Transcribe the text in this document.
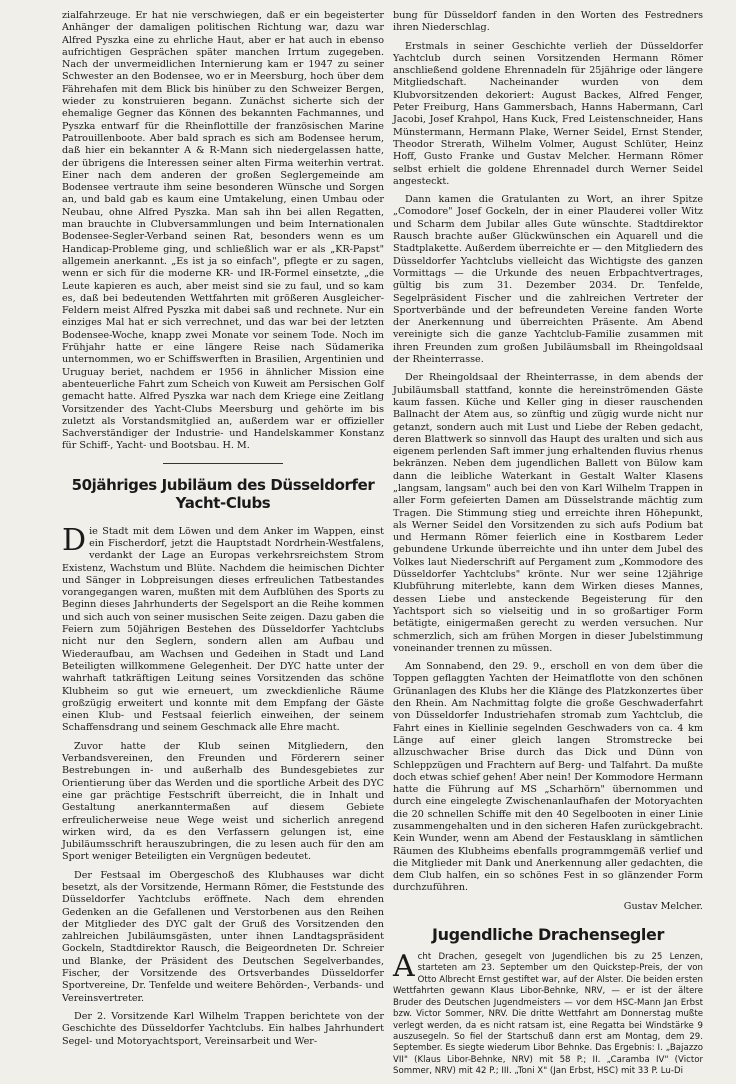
zialfahrzeuge. Er hat nie verschwiegen, daß er ein begeisterter Anhänger der damaligen politischen Richtung war, dazu war Alfred Pyszka eine zu ehrliche Haut, aber er hat auch in ebenso aufrichtigen Gesprächen später manchen Irrtum zugegeben. Nach der unvermeidlichen Internierung kam er 1947 zu seiner Schwester an den Bodensee, wo er in Meersburg, hoch über dem Fährehafen mit dem Blick bis hinüber zu den Schweizer Bergen, wieder zu konstruieren begann. Zunächst sicherte sich der ehemalige Gegner das Können des bekannten Fachmannes, und Pyszka entwarf für die Rheinflottille der französischen Marine Patrouillenboote. Aber bald sprach es sich am Bodensee herum, daß hier ein bekannter A & R-Mann sich niedergelassen hatte, der übrigens die Interessen seiner alten Firma weiterhin vertrat. Einer nach dem anderen der großen Seglergemeinde am Bodensee vertraute ihm seine besonderen Wünsche und Sorgen an, und bald gab es kaum eine Umtakelung, einen Umbau oder Neubau, ohne Alfred Pyszka. Man sah ihn bei allen Regatten, man brauchte in Clubversammlungen und beim Internationalen Bodensee-Segler-Verband seinen Rat, besonders wenn es um Handicap-Probleme ging, und schließlich war er als „KR-Papst" allgemein anerkannt. „Es ist ja so einfach", pflegte er zu sagen, wenn er sich für die moderne KR- und IR-Formel einsetzte, „die Leute kapieren es auch, aber meist sind sie zu faul, und so kam es, daß bei bedeutenden Wettfahrten mit größeren Ausgleicher-Feldern meist Alfred Pyszka mit dabei saß und rechnete. Nur ein einziges Mal hat er sich verrechnet, und das war bei der letzten Bodensee-Woche, knapp zwei Monate vor seinem Tode. Noch im Frühjahr hatte er eine längere Reise nach Südamerika unternommen, wo er Schiffswerften in Brasilien, Argentinien und Uruguay beriet, nachdem er 1956 in ähnlicher Mission eine abenteuerliche Fahrt zum Scheich von Kuweit am Persischen Golf gemacht hatte. Alfred Pyszka war nach dem Kriege eine Zeitlang Vorsitzender des Yacht-Clubs Meersburg und gehörte im bis zuletzt als Vorstandsmitglied an, außerdem war er offizieller Sachverständiger der Industrie- und Handelskammer Konstanz für Schiff-, Yacht- und Bootsbau. H. M.

50jähriges Jubiläum des Düsseldorfer Yacht-Clubs

Die Stadt mit dem Löwen und dem Anker im Wappen, einst ein Fischerdorf, jetzt die Hauptstadt Nordrhein-Westfalens, verdankt der Lage an Europas verkehrsreichstem Strom Existenz, Wachstum und Blüte. Nachdem die heimischen Dichter und Sänger in Lobpreisungen dieses erfreulichen Tatbestandes vorangegangen waren, mußten mit dem Aufblühen des Sports zu Beginn dieses Jahrhunderts der Segelsport an die Reihe kommen und sich auch von seiner musischen Seite zeigen. Dazu gaben die Feiern zum 50jährigen Bestehen des Düsseldorfer Yachtclubs nicht nur den Seglern, sondern allen am Aufbau und Wiederaufbau, am Wachsen und Gedeihen in Stadt und Land Beteiligten willkommene Gelegenheit. Der DYC hatte unter der wahrhaft tatkräftigen Leitung seines Vorsitzenden das schöne Klubheim so gut wie erneuert, um zweckdienliche Räume großzügig erweitert und konnte mit dem Empfang der Gäste einen Klub- und Festsaal feierlich einweihen, der seinem Schaffensdrang und seinem Geschmack alle Ehre macht.

Zuvor hatte der Klub seinen Mitgliedern, den Verbandsvereinen, den Freunden und Förderern seiner Bestrebungen in- und außerhalb des Bundesgebietes zur Orientierung über das Werden und die sportliche Arbeit des DYC eine gar prächtige Festschrift überreicht, die in Inhalt und Gestaltung anerkanntermaßen auf diesem Gebiete erfreulicherweise neue Wege weist und sicherlich anregend wirken wird, da es den Verfassern gelungen ist, eine Jubiläumsschrift herauszubringen, die zu lesen auch für den am Sport weniger Beteiligten ein Vergnügen bedeutet.

Der Festsaal im Obergeschoß des Klubhauses war dicht besetzt, als der Vorsitzende, Hermann Römer, die Feststunde des Düsseldorfer Yachtclubs eröffnete. Nach dem ehrenden Gedenken an die Gefallenen und Verstorbenen aus den Reihen der Mitglieder des DYC galt der Gruß des Vorsitzenden den zahlreichen Jubiläumsgästen, unter ihnen Landtagspräsident Gockeln, Stadtdirektor Rausch, die Beigeordneten Dr. Schreier und Blanke, der Präsident des Deutschen Segelverbandes, Fischer, der Vorsitzende des Ortsverbandes Düsseldorfer Sportvereine, Dr. Tenfelde und weitere Behörden-, Verbands- und Vereinsvertreter.

Der 2. Vorsitzende Karl Wilhelm Trappen berichtete von der Geschichte des Düsseldorfer Yachtclubs. Ein halbes Jahrhundert Segel- und Motoryachtsport, Vereinsarbeit und Wer-

bung für Düsseldorf fanden in den Worten des Festredners ihren Niederschlag.

Erstmals in seiner Geschichte verlieh der Düsseldorfer Yachtclub durch seinen Vorsitzenden Hermann Römer anschließend goldene Ehrennadeln für 25jährige oder längere Mitgliedschaft. Nacheinander wurden von dem Klubvorsitzenden dekoriert: August Backes, Alfred Fenger, Peter Freiburg, Hans Gammersbach, Hanns Habermann, Carl Jacobi, Josef Krahpol, Hans Kuck, Fred Leistenschneider, Hans Münstermann, Hermann Plake, Werner Seidel, Ernst Stender, Theodor Strerath, Wilhelm Volmer, August Schlüter, Heinz Hoff, Gusto Franke und Gustav Melcher. Hermann Römer selbst erhielt die goldene Ehrennadel durch Werner Seidel angesteckt.

Dann kamen die Gratulanten zu Wort, an ihrer Spitze „Comodore" Josef Gockeln, der in einer Plauderei voller Witz und Scharm dem Jubilar alles Gute wünschte. Stadtdirektor Rausch brachte außer Glückwünschen ein Aquarell und die Stadtplakette. Außerdem überreichte er — den Mitgliedern des Düsseldorfer Yachtclubs vielleicht das Wichtigste des ganzen Vormittags — die Urkunde des neuen Erbpachtvertrages, gültig bis zum 31. Dezember 2034. Dr. Tenfelde, Segelpräsident Fischer und die zahlreichen Vertreter der Sportverbände und der befreundeten Vereine fanden Worte der Anerkennung und überreichten Präsente. Am Abend vereinigte sich die ganze Yachtclub-Familie zusammen mit ihren Freunden zum großen Jubiläumsball im Rheingoldsaal der Rheinterrasse.

Der Rheingoldsaal der Rheinterrasse, in dem abends der Jubiläumsball stattfand, konnte die hereinströmenden Gäste kaum fassen. Küche und Keller ging in dieser rauschenden Ballnacht der Atem aus, so zünftig und zügig wurde nicht nur getanzt, sondern auch mit Lust und Liebe der Reben gedacht, deren Blattwerk so sinnvoll das Haupt des uralten und sich aus eigenem perlenden Saft immer jung erhaltenden fluvius rhenus bekränzen. Neben dem jugendlichen Ballett von Bülow kam dann die leibliche Waterkant in Gestalt Walter Klasens „langsam, langsam" auch bei den von Karl Wilhelm Trappen in aller Form gefeierten Damen am Düsselstrande mächtig zum Tragen. Die Stimmung stieg und erreichte ihren Höhepunkt, als Werner Seidel den Vorsitzenden zu sich aufs Podium bat und Hermann Römer feierlich eine in Kostbarem Leder gebundene Urkunde überreichte und ihn unter dem Jubel des Volkes laut Niederschrift auf Pergament zum „Kommodore des Düsseldorfer Yachtclubs" krönte. Nur wer seine 12jährige Klubführung miterlebte, kann dem Wirken dieses Mannes, dessen Liebe und ansteckende Begeisterung für den Yachtsport sich so vielseitig und in so großartiger Form betätigte, einigermaßen gerecht zu werden versuchen. Nur schmerzlich, sich am frühen Morgen in dieser Jubelstimmung voneinander trennen zu müssen.

Am Sonnabend, den 29. 9., erscholl en von dem über die Toppen geflaggten Yachten der Heimatflotte von den schönen Grünanlagen des Klubs her die Klänge des Platzkonzertes über den Rhein. Am Nachmittag folgte die große Geschwaderfahrt von Düsseldorfer Industriehafen stromab zum Yachtclub, die Fahrt eines in Kiellinie segelnden Geschwaders von ca. 4 km Länge auf einer gleich langen Stromstrecke bei allzuschwacher Brise durch das Dick und Dünn von Schleppzügen und Frachtern auf Berg- und Talfahrt. Da mußte doch etwas schief gehen! Aber nein! Der Kommodore Hermann hatte die Führung auf MS „Scharhörn" übernommen und durch eine eingelegte Zwischenanlaufhafen der Motoryachten die 20 schnellen Schiffe mit den 40 Segelbooten in einer Linie zusammengehalten und in den sicheren Hafen zurückgebracht. Kein Wunder, wenn am Abend der Festausklang in sämtlichen Räumen des Klubheims ebenfalls programmgemäß verlief und die Mitglieder mit Dank und Anerkennung aller gedachten, die dem Club halfen, ein so schönes Fest in so glänzender Form durchzuführen.

Gustav Melcher.

Jugendliche Drachensegler

Acht Drachen, gesegelt von Jugendlichen bis zu 25 Lenzen, starteten am 23. September um den Quickstep-Preis, der von Otto Albrecht Ernst gestiftet war, auf der Alster. Die beiden ersten Wettfahrten gewann Klaus Libor-Behnke, NRV, — er ist der ältere Bruder des Deutschen Jugendmeisters — vor dem HSC-Mann Jan Erbst bzw. Victor Sommer, NRV. Die dritte Wettfahrt am Donnerstag mußte verlegt werden, da es nicht ratsam ist, eine Regatta bei Windstärke 9 auszusegeln. So fiel der Startschuß dann erst am Montag, dem 29. September. Es siegte wiederum Libor Behnke. Das Ergebnis: I. „Bajazzo VII" (Klaus Libor-Behnke, NRV) mit 58 P.; II. „Caramba IV" (Victor Sommer, NRV) mit 42 P.; III. „Toni X" (Jan Erbst, HSC) mit 33 P. Lu-Di
